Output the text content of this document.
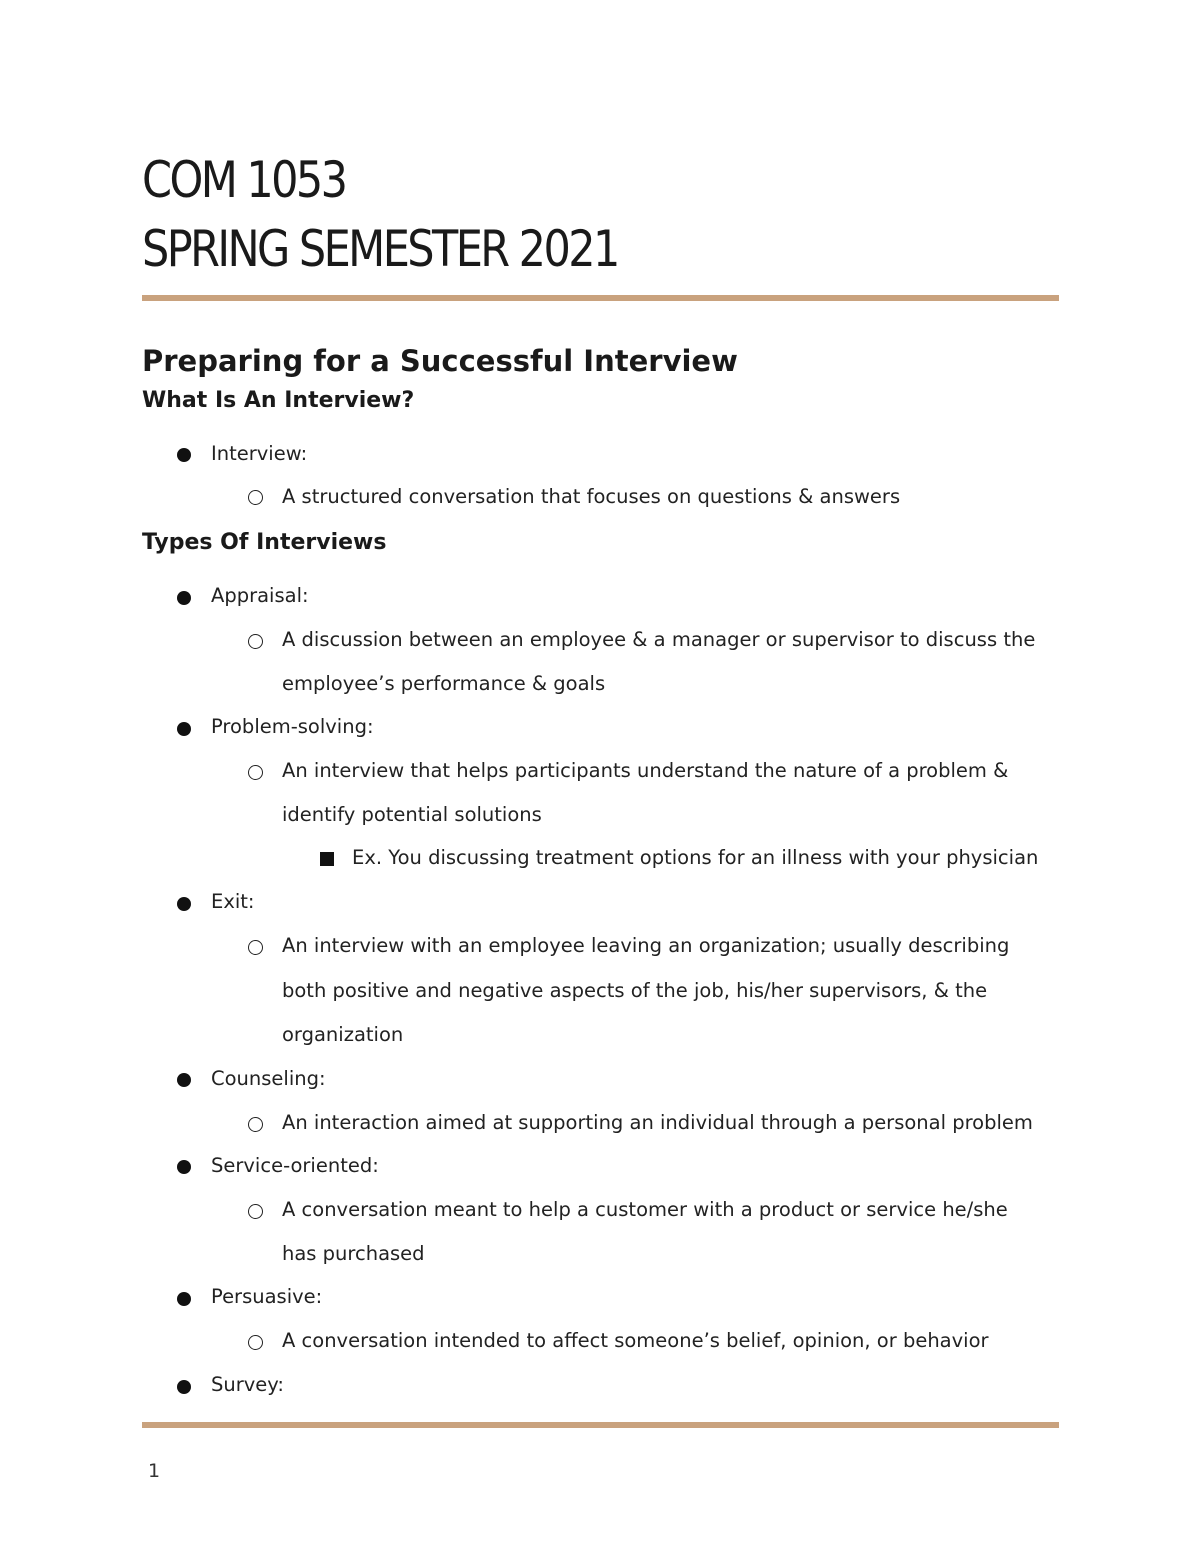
COM 1053
SPRING SEMESTER 2021
Preparing for a Successful Interview
What Is An Interview?
Interview:
A structured conversation that focuses on questions & answers
Types Of Interviews
Appraisal:
A discussion between an employee & a manager or supervisor to discuss the
employee’s performance & goals
Problem-solving:
An interview that helps participants understand the nature of a problem &
identify potential solutions
Ex. You discussing treatment options for an illness with your physician
Exit:
An interview with an employee leaving an organization; usually describing
both positive and negative aspects of the job, his/her supervisors, & the
organization
Counseling:
An interaction aimed at supporting an individual through a personal problem
Service-oriented:
A conversation meant to help a customer with a product or service he/she
has purchased
Persuasive:
A conversation intended to affect someone’s belief, opinion, or behavior
Survey:
1
